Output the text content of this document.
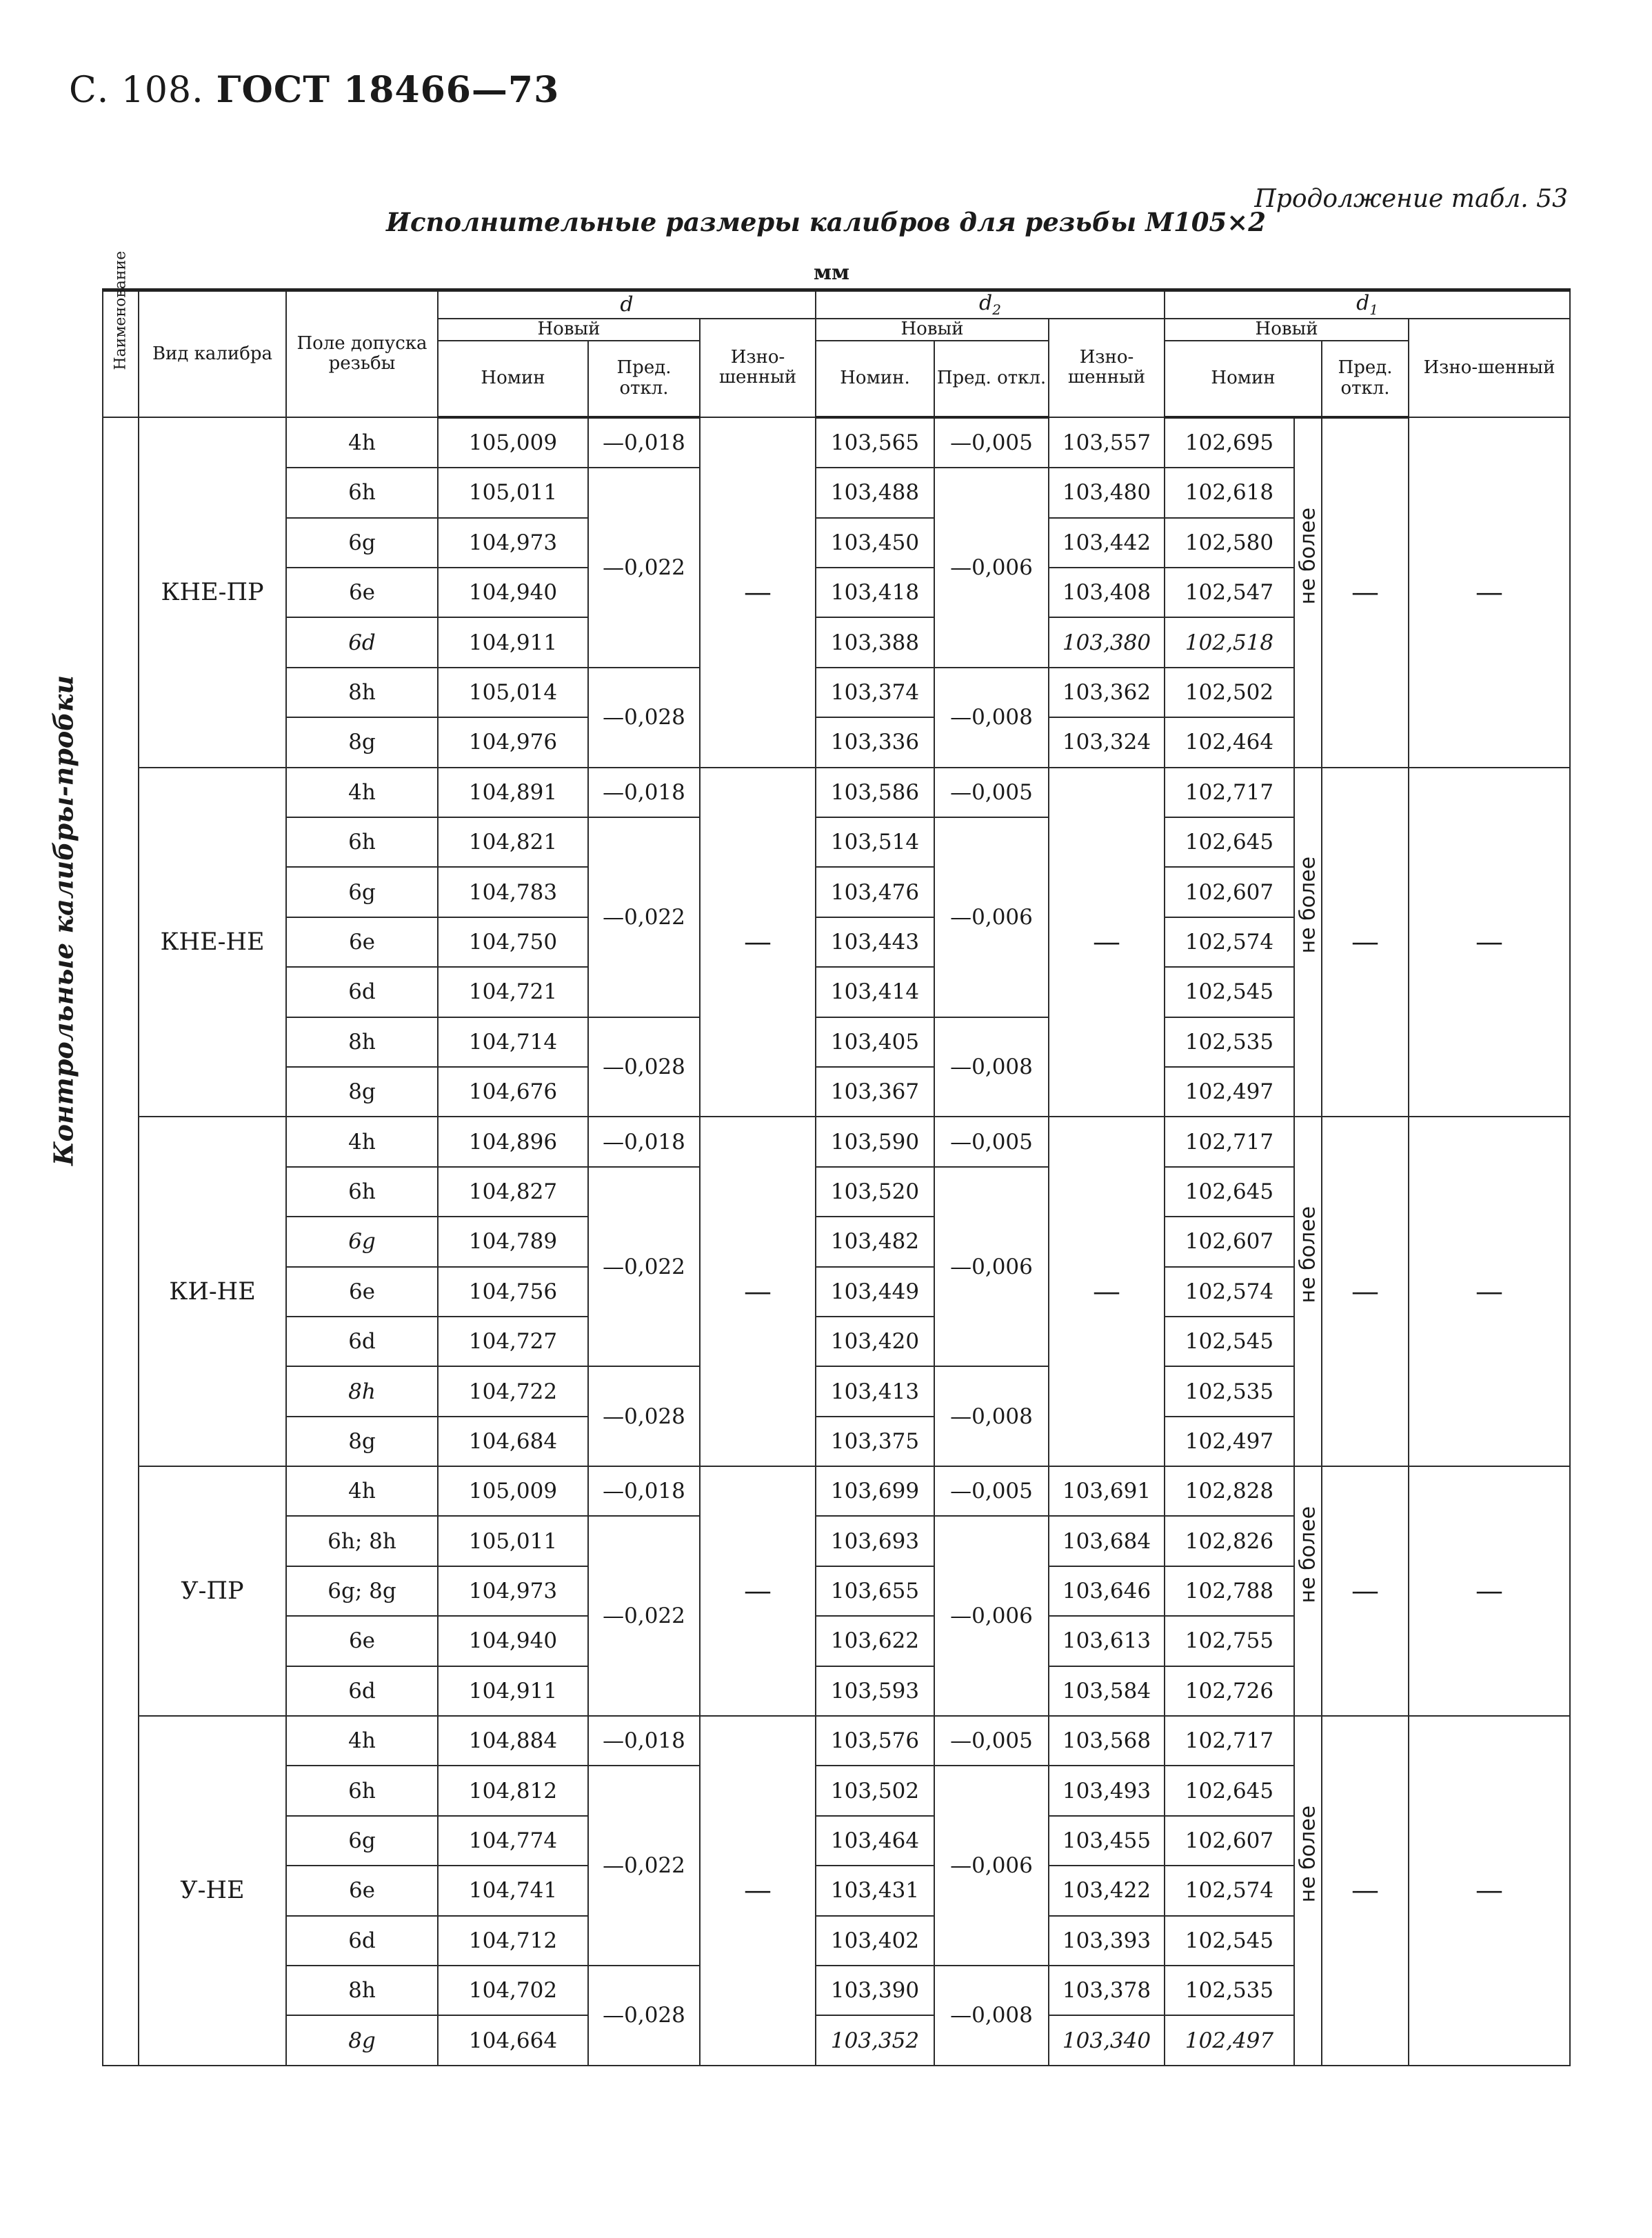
С. 108. ГОСТ 18466—73
Продолжение табл. 53
Исполнительные размеры калибров для резьбы М105×2
мм
Контрольные калибры-пробки
Наименование	Вид калибра	Поле допуска резьбы	d			$d_2$			$d_1$
			Новый		Изно-шенный	Новый		Изно-шенный	Новый			Изно-шенный
			Номин	Пред. откл.		Номин.	Пред. откл.		Номин		Пред. откл.	
	КНЕ-ПР	4h	105,009	—0,018	—	103,565	—0,005	103,557	102,695	не более	—	—
		6h	105,011	—0,022		103,488	—0,006	103,480	102,618			
		6g	104,973			103,450		103,442	102,580			
		6e	104,940			103,418		103,408	102,547			
		6d	104,911			103,388		103,380	102,518			
		8h	105,014	—0,028		103,374	—0,008	103,362	102,502			
		8g	104,976			103,336		103,324	102,464			
	КНЕ-НЕ	4h	104,891	—0,018	—	103,586	—0,005	—	102,717	не более	—	—
		6h	104,821	—0,022		103,514	—0,006		102,645			
		6g	104,783			103,476			102,607			
		6e	104,750			103,443			102,574			
		6d	104,721			103,414			102,545			
		8h	104,714	—0,028		103,405	—0,008		102,535			
		8g	104,676			103,367			102,497			
	КИ-НЕ	4h	104,896	—0,018	—	103,590	—0,005	—	102,717	не более	—	—
		6h	104,827	—0,022		103,520	—0,006		102,645			
		6g	104,789			103,482			102,607			
		6e	104,756			103,449			102,574			
		6d	104,727			103,420			102,545			
		8h	104,722	—0,028		103,413	—0,008		102,535			
		8g	104,684			103,375			102,497			
	У-ПР	4h	105,009	—0,018	—	103,699	—0,005	103,691	102,828	не более	—	—
		6h; 8h	105,011	—0,022		103,693	—0,006	103,684	102,826			
		6g; 8g	104,973			103,655		103,646	102,788			
		6e	104,940			103,622		103,613	102,755			
		6d	104,911			103,593		103,584	102,726			
	У-НЕ	4h	104,884	—0,018	—	103,576	—0,005	103,568	102,717	не более	—	—
		6h	104,812	—0,022		103,502	—0,006	103,493	102,645			
		6g	104,774			103,464		103,455	102,607			
		6e	104,741			103,431		103,422	102,574			
		6d	104,712			103,402		103,393	102,545			
		8h	104,702	—0,028		103,390	—0,008	103,378	102,535			
		8g	104,664			103,352		103,340	102,497			
